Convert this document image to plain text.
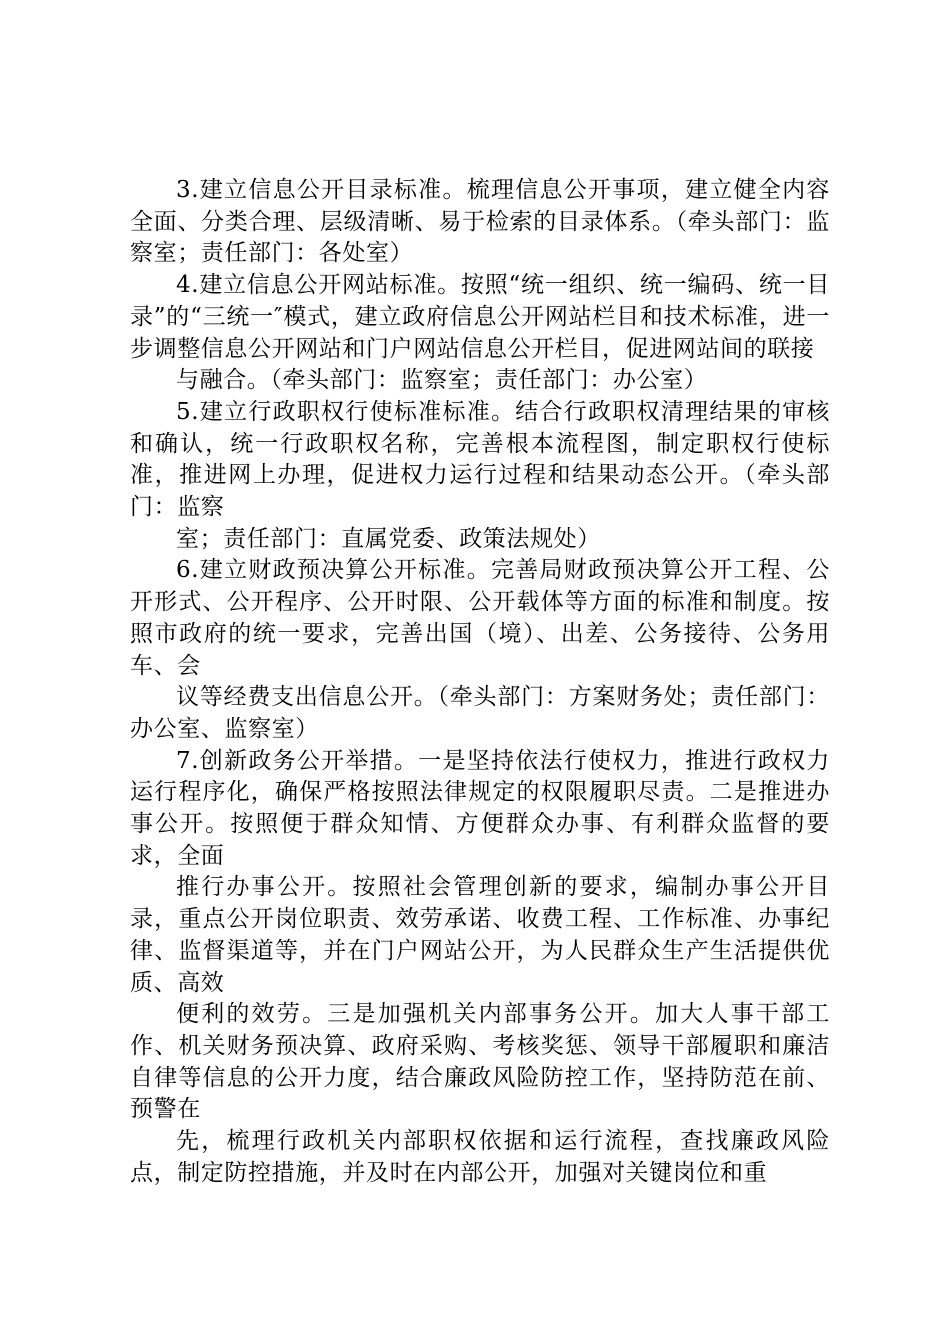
3.建立信息公开目录标准。梳理信息公开事项，建立健全内容全面、分类合理、层级清晰、易于检索的目录体系。（牵头部门：监察室；责任部门：各处室）

4.建立信息公开网站标准。按照“统一组织、统一编码、统一目录”的“三统一″模式，建立政府信息公开网站栏目和技术标准，进一步调整信息公开网站和门户网站信息公开栏目，促进网站间的联接

与融合。（牵头部门：监察室；责任部门：办公室）

5.建立行政职权行使标准标准。结合行政职权清理结果的审核和确认，统一行政职权名称，完善根本流程图，制定职权行使标准，推进网上办理，促进权力运行过程和结果动态公开。（牵头部门：监察

室；责任部门：直属党委、政策法规处）

6.建立财政预决算公开标准。完善局财政预决算公开工程、公开形式、公开程序、公开时限、公开载体等方面的标准和制度。按照市政府的统一要求，完善出国（境）、出差、公务接待、公务用车、会

议等经费支出信息公开。（牵头部门：方案财务处；责任部门：办公室、监察室）

7.创新政务公开举措。一是坚持依法行使权力，推进行政权力运行程序化，确保严格按照法律规定的权限履职尽责。二是推进办事公开。按照便于群众知情、方便群众办事、有利群众监督的要求，全面

推行办事公开。按照社会管理创新的要求，编制办事公开目录，重点公开岗位职责、效劳承诺、收费工程、工作标准、办事纪律、监督渠道等，并在门户网站公开，为人民群众生产生活提供优质、高效

便利的效劳。三是加强机关内部事务公开。加大人事干部工作、机关财务预决算、政府采购、考核奖惩、领导干部履职和廉洁自律等信息的公开力度，结合廉政风险防控工作，坚持防范在前、预警在

先，梳理行政机关内部职权依据和运行流程，查找廉政风险点，制定防控措施，并及时在内部公开，加强对关键岗位和重
